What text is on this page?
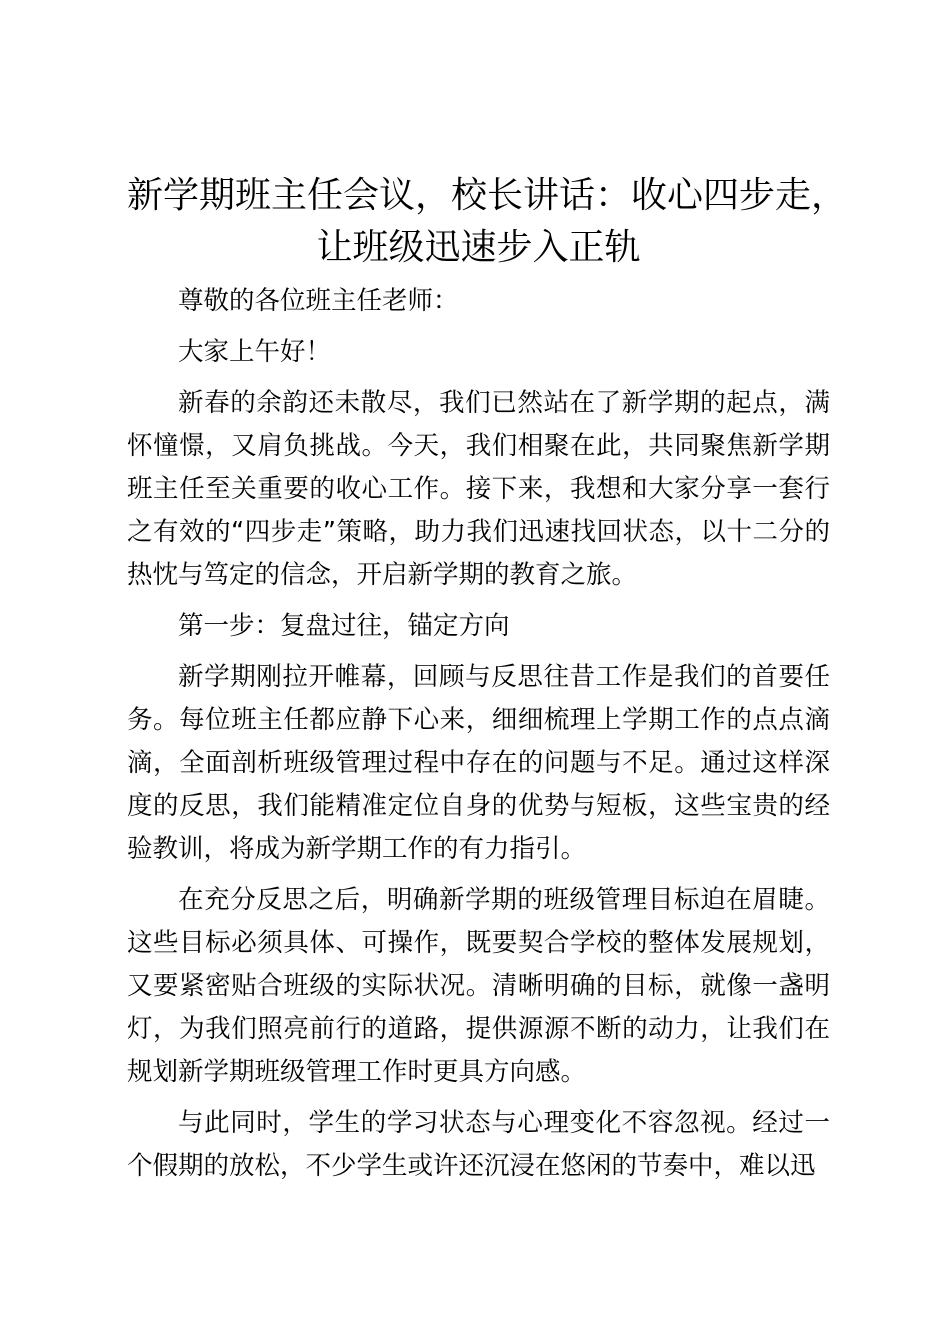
新学期班主任会议，校长讲话：收心四步走，
让班级迅速步入正轨

尊敬的各位班主任老师：

大家上午好！

新春的余韵还未散尽，我们已然站在了新学期的起点，满怀憧憬，又肩负挑战。今天，我们相聚在此，共同聚焦新学期班主任至关重要的收心工作。接下来，我想和大家分享一套行之有效的“四步走”策略，助力我们迅速找回状态，以十二分的热忱与笃定的信念，开启新学期的教育之旅。

第一步：复盘过往，锚定方向

新学期刚拉开帷幕，回顾与反思往昔工作是我们的首要任务。每位班主任都应静下心来，细细梳理上学期工作的点点滴滴，全面剖析班级管理过程中存在的问题与不足。通过这样深度的反思，我们能精准定位自身的优势与短板，这些宝贵的经验教训，将成为新学期工作的有力指引。

在充分反思之后，明确新学期的班级管理目标迫在眉睫。这些目标必须具体、可操作，既要契合学校的整体发展规划，又要紧密贴合班级的实际状况。清晰明确的目标，就像一盏明灯，为我们照亮前行的道路，提供源源不断的动力，让我们在规划新学期班级管理工作时更具方向感。

与此同时，学生的学习状态与心理变化不容忽视。经过一个假期的放松，不少学生或许还沉浸在悠闲的节奏中，难以迅
